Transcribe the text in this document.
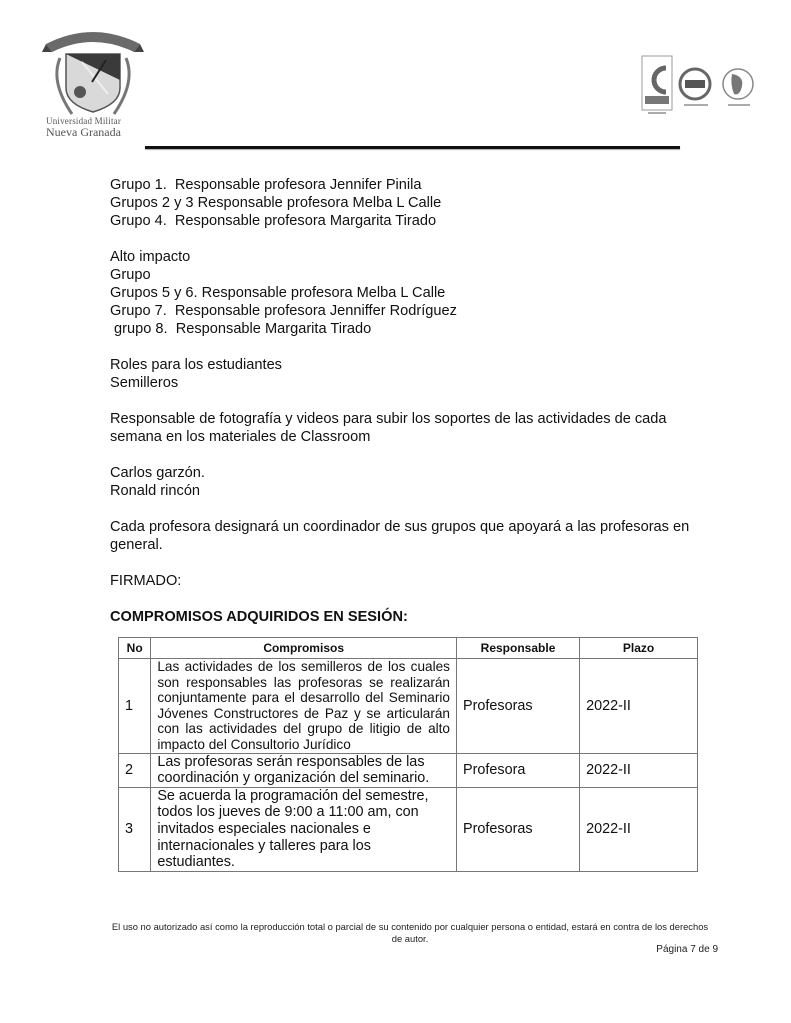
Universidad Militar
Nueva Granada
Grupo 1.  Responsable profesora Jennifer Pinila
Grupos 2 y 3 Responsable profesora Melba L Calle
Grupo 4.  Responsable profesora Margarita Tirado
Alto impacto
Grupo
Grupos 5 y 6. Responsable profesora Melba L Calle
Grupo 7.  Responsable profesora Jenniffer Rodríguez
grupo 8.  Responsable Margarita Tirado
Roles para los estudiantes
Semilleros
Responsable de fotografía y videos para subir los soportes de las actividades de cada semana en los materiales de Classroom
Carlos garzón.
Ronald rincón
Cada profesora designará un coordinador de sus grupos que apoyará a las profesoras en general.
FIRMADO:
COMPROMISOS ADQUIRIDOS EN SESIÓN:
No	Compromisos	Responsable	Plazo
1	Las actividades de los semilleros de los cuales son responsables las profesoras se realizarán conjuntamente para el desarrollo del Seminario Jóvenes Constructores de Paz y se articularán con las actividades del grupo de litigio de alto impacto del Consultorio Jurídico	Profesoras	2022-II
2	Las profesoras serán responsables de las coordinación y organización del seminario.	Profesora	2022-II
3	Se acuerda la programación del semestre, todos los jueves de 9:00 a 11:00 am, con invitados especiales nacionales e internacionales y talleres para los estudiantes.	Profesoras	2022-II
El uso no autorizado así como la reproducción total o parcial de su contenido por cualquier persona o entidad, estará en contra de los derechos de autor.
Página 7 de 9
